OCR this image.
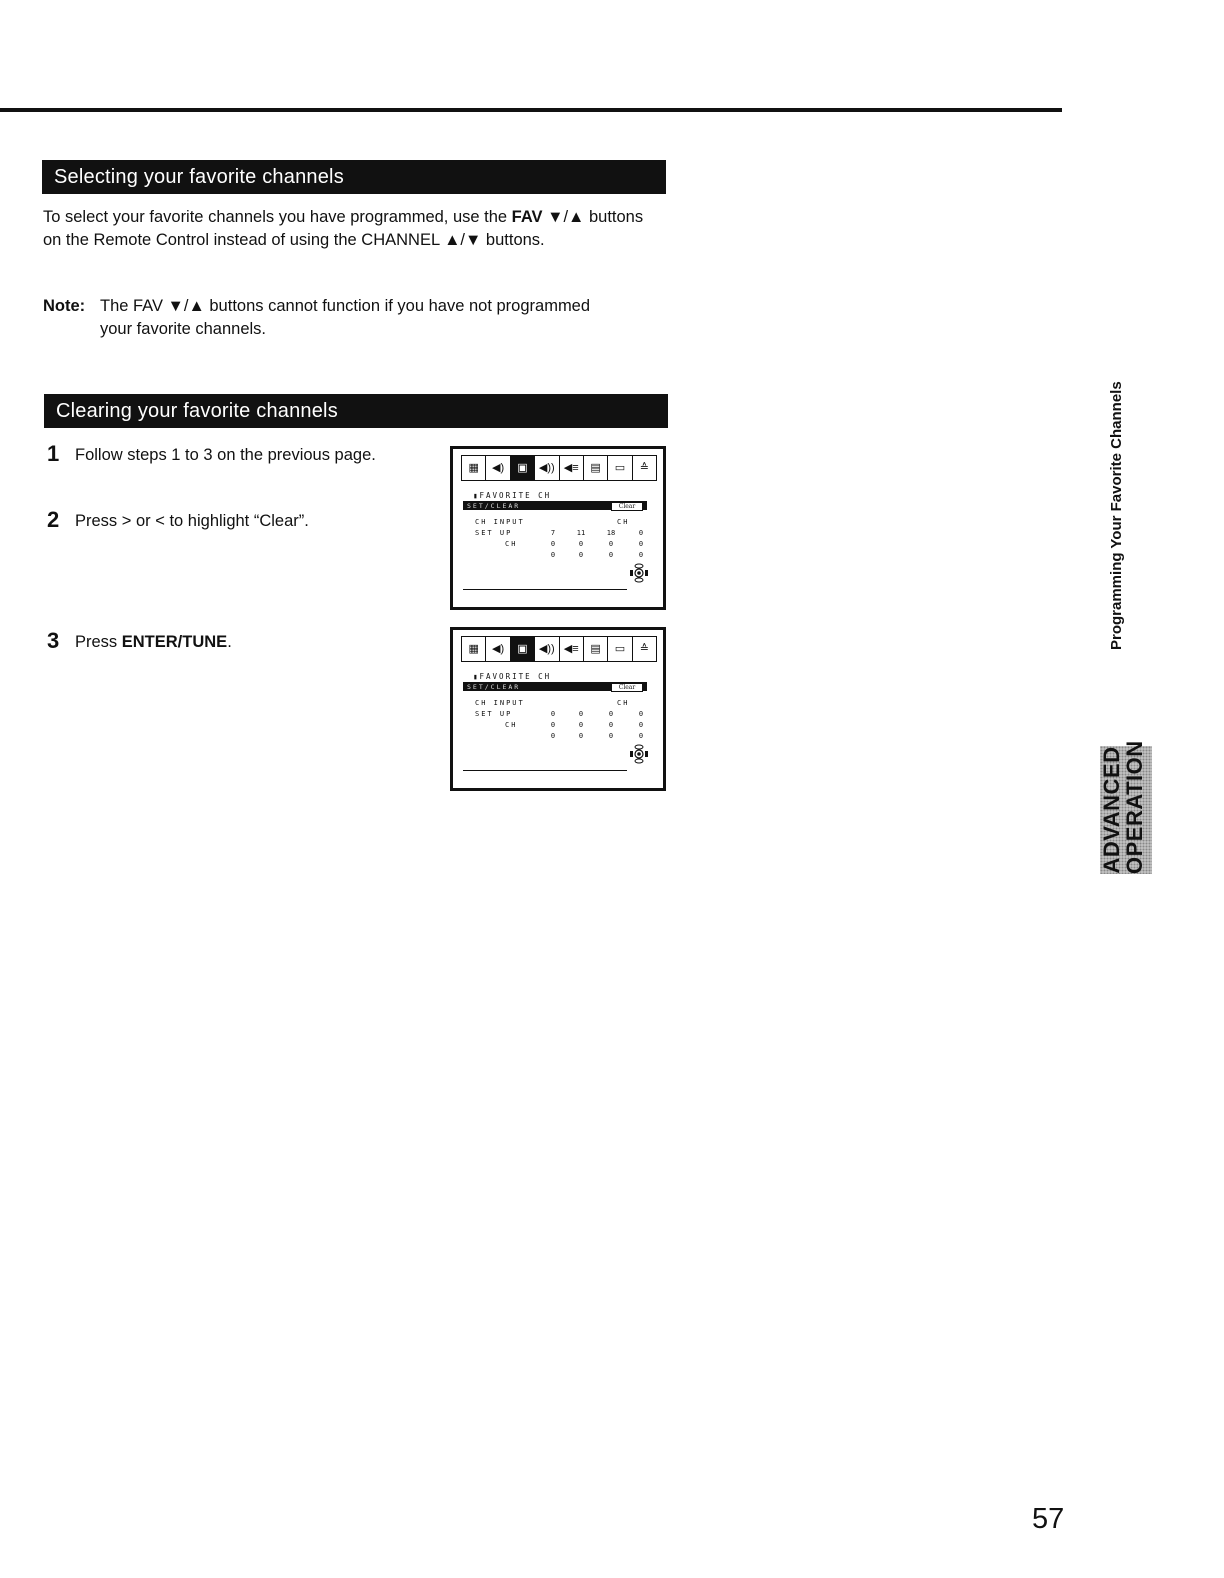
Selecting your favorite channels
To select your favorite channels you have programmed, use the FAV ▼/▲ buttons on the Remote Control instead of using the CHANNEL ▲/▼ buttons.
Note: The FAV ▼/▲ buttons cannot function if you have not programmed your favorite channels.
Clearing your favorite channels
1 Follow steps 1 to 3 on the previous page.
2 Press > or < to highlight “Clear”.
3 Press ENTER/TUNE.
▦	◀)	▣	◀)) ◀≡	▤	▭	≙
▮FAVORITE CH
SET/CLEAR	Clear
CH INPUT	CH
SET UP
CH
7	11	18	0
0	0	0	0
0	0	0	0
▦	◀)	▣	◀)) ◀≡	▤	▭	≙
▮FAVORITE CH
SET/CLEAR	Clear
CH INPUT	CH
SET UP
CH
0	0	0	0
0	0	0	0
0	0	0	0
Programming Your Favorite Channels
ADVANCED
OPERATION
57
